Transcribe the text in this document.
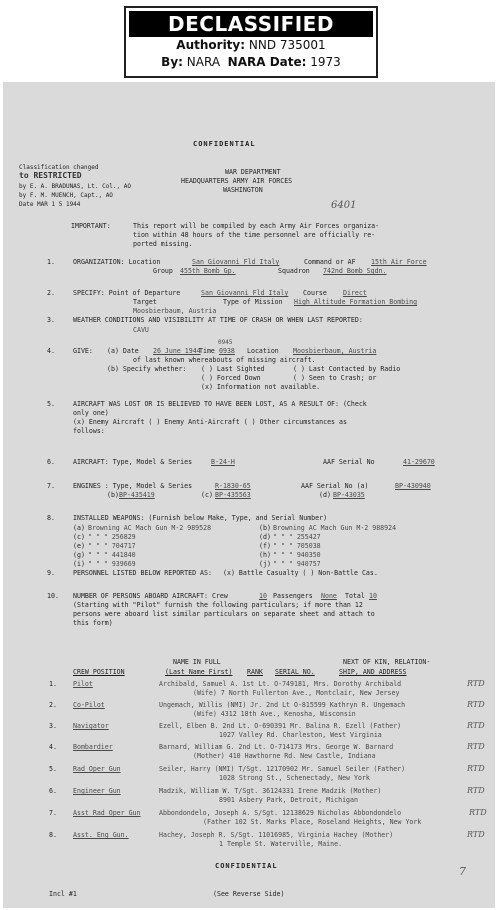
DECLASSIFIED
Authority: NND 735001
By: NARA NARA Date: 1973
CONFIDENTIAL
Classification changed
to RESTRICTED
by E. A. BRADUNAS, Lt. Col., AO
by F. M. MUENCH, Capt., AO
Date MAR 1 5 1944
WAR DEPARTMENT
HEADQUARTERS ARMY AIR FORCES
WASHINGTON
6401
IMPORTANT:	This report will be compiled by each Army Air Forces organiza-
tion within 48 hours of the time personnel are officially re-
ported missing.
1.	ORGANIZATION: Location	San Giovanni Fld Italy	Command or AF 15th Air Force
Group 455th Bomb Gp.	Squadron 742nd Bomb Sqdn.
2.	SPECIFY: Point of Departure	San Giovanni Fld Italy Course Direct
Target	Type of Mission High Altitude Formation Bombing
Moosbierbaum, Austria
3.	WEATHER CONDITIONS AND VISIBILITY AT TIME OF CRASH OR WHEN LAST REPORTED:
CAVU
0945
4.	GIVE: (a) Date 26 June 1944
Time 0938 Location Moosbierbaum, Austria
of last known whereabouts of missing aircraft.
(b) Specify whether: ( ) Last Sighted	( ) Last Contacted by Radio
( ) Forced Down	( ) Seen to Crash; or
(x) Information not available.
5.	AIRCRAFT WAS LOST OR IS BELIEVED TO HAVE BEEN LOST, AS A RESULT OF: (Check
only one)
(x) Enemy Aircraft ( ) Enemy Anti-Aircraft ( ) Other circumstances as
follows:
6.	AIRCRAFT: Type, Model & Series	B-24-H	AAF Serial No	41-29670
7.	ENGINES : Type, Model & Series	R-1830-65	AAF Serial No (a)	BP-430940
(b) BP-435419	(c) BP-435563	(d) BP-43035
8.	INSTALLED WEAPONS: (Furnish below Make, Type, and Serial Number)
(a) Browning AC Mach Gun M-2 989528	(b) Browning AC Mach Gun M-2 988924
(c) " " " 256829	(d) " " " 255427
(e) " " " 704717	(f) " " " 705038
(g) " " " 441840	(h) " " " 940350
(i) " " " 939669	(j) " " " 940757
9.	PERSONNEL LISTED BELOW REPORTED AS: (x) Battle Casualty ( ) Non-Battle Cas.
10. NUMBER OF PERSONS ABOARD AIRCRAFT: Crew	10 Passengers None Total 10
(Starting with "Pilot" furnish the following particulars; if more than 12
persons were aboard list similar particulars on separate sheet and attach to
this form)
NAME IN FULL	NEXT OF KIN, RELATION-
CREW POSITION	(Last Name First) RANK SERIAL NO.	SHIP, AND ADDRESS
1. Pilot	Archibald, Samuel A. 1st Lt. O-749181, Mrs. Dorothy Archibald
(Wife) 7 North Fullerton Ave., Montclair, New Jersey
RTD
2. Co-Pilot	Ungemach, Willis (NMI) Jr. 2nd Lt O-815599 Kathryn R. Ungemach
(Wife) 4312 18th Ave., Kenosha, Wisconsin
RTD
3. Navigator	Ezell, Elben B. 2nd Lt. O-690391 Mr. Balina R. Ezell (Father)
1027 Valley Rd. Charleston, West Virginia
RTD
4. Bombardier	Barnard, William G. 2nd Lt. O-714173 Mrs. George W. Barnard
(Mother) 410 Hawthorne Rd. New Castle, Indiana
RTD
5. Rad Oper Gun	Seiler, Harry (NMI) T/Sgt. 12170902 Mr. Samuel Seiler (Father)
1028 Strong St., Schenectady, New York
RTD
6. Engineer Gun	Madzik, William W. T/Sgt. 36124331 Irene Madzik (Mother)
8901 Asbery Park, Detroit, Michigan
RTD
7. Asst Rad Oper Gun	Abbondondelo, Joseph A. S/Sgt. 12138629 Nicholas Abbondondelo
(Father 102 St. Marks Place, Roseland Heights, New York
RTD
8. Asst. Eng Gun.	Hachey, Joseph R. S/Sgt. 11016985, Virginia Hachey (Mother)
1 Temple St. Waterville, Maine.
RTD
CONFIDENTIAL	7
Incl #1	(See Reverse Side)
